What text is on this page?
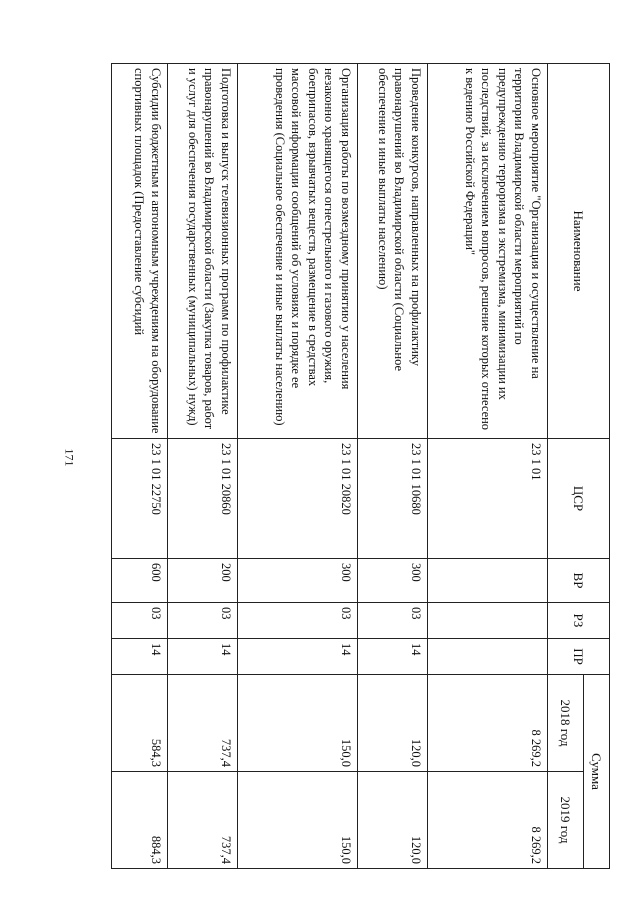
171
Наименование	ЦСР	ВР	РЗ	ПР	Сумма	
					2018 год	2019 год
Основное мероприятие "Организация и осуществление на территории Владимирской области мероприятий по предупреждению терроризма и экстремизма, минимизации их последствий, за исключением вопросов, решение которых отнесено к ведению Российской Федерации"	23 1 01				8 269,2	8 269,2
Проведение конкурсов, направленных на профилактику правонарушений во Владимирской области (Социальное обеспечение и иные выплаты населению)	23 1 01 10680	300	03	14	120,0	120,0
Организация работы по возмездному принятию у населения незаконно хранящегося огнестрельного и газового оружия, боеприпасов, взрывчатых веществ, размещение в средствах массовой информации сообщений об условиях и порядке ее проведения (Социальное обеспечение и иные выплаты населению)	23 1 01 20820	300	03	14	150,0	150,0
Подготовка и выпуск телевизионных программ по профилактике правонарушений во Владимирской области (Закупка товаров, работ и услуг для обеспечения государственных (муниципальных) нужд)	23 1 01 20860	200	03	14	737,4	737,4
Субсидии бюджетным и автономным учреждениям на оборудование спортивных площадок (Предоставление субсидий	23 1 01 22750	600	03	14	584,3	884,3
